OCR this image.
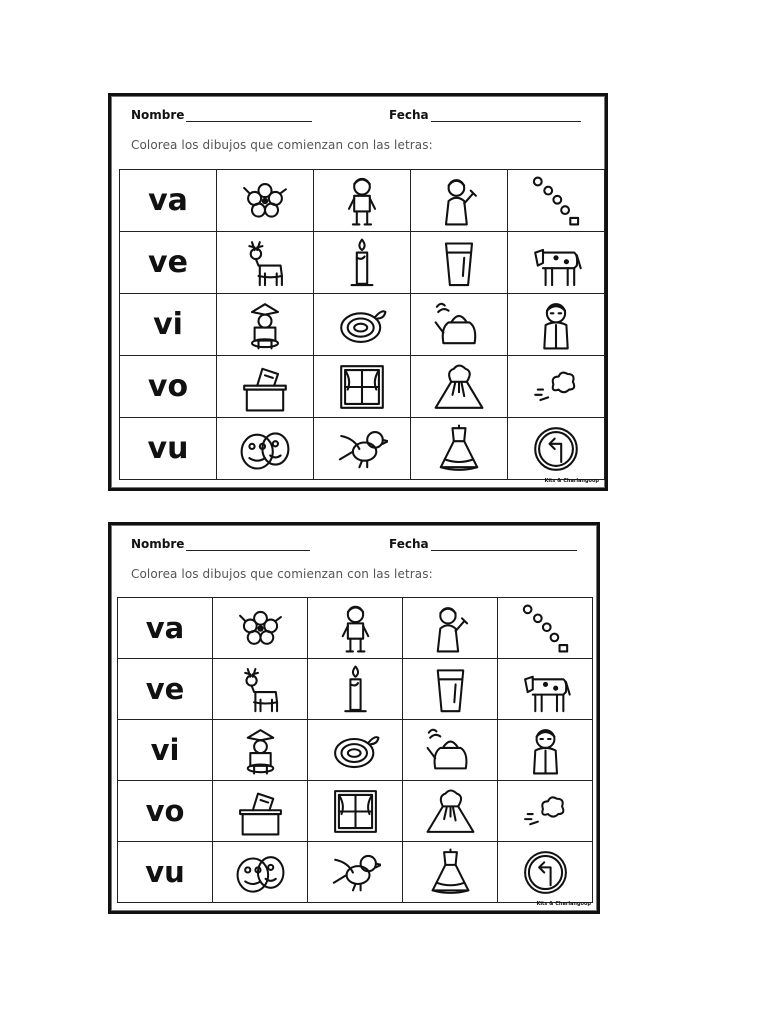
Nombre	Fecha
Colorea los dibujos que comienzan con las letras:
va	

ve	

vi	

vo	

vu	

Kits & Charlangoop
Nombre	Fecha
Colorea los dibujos que comienzan con las letras:
va	

ve	

vi	

vo	

vu	

Kits & Charlangoop
